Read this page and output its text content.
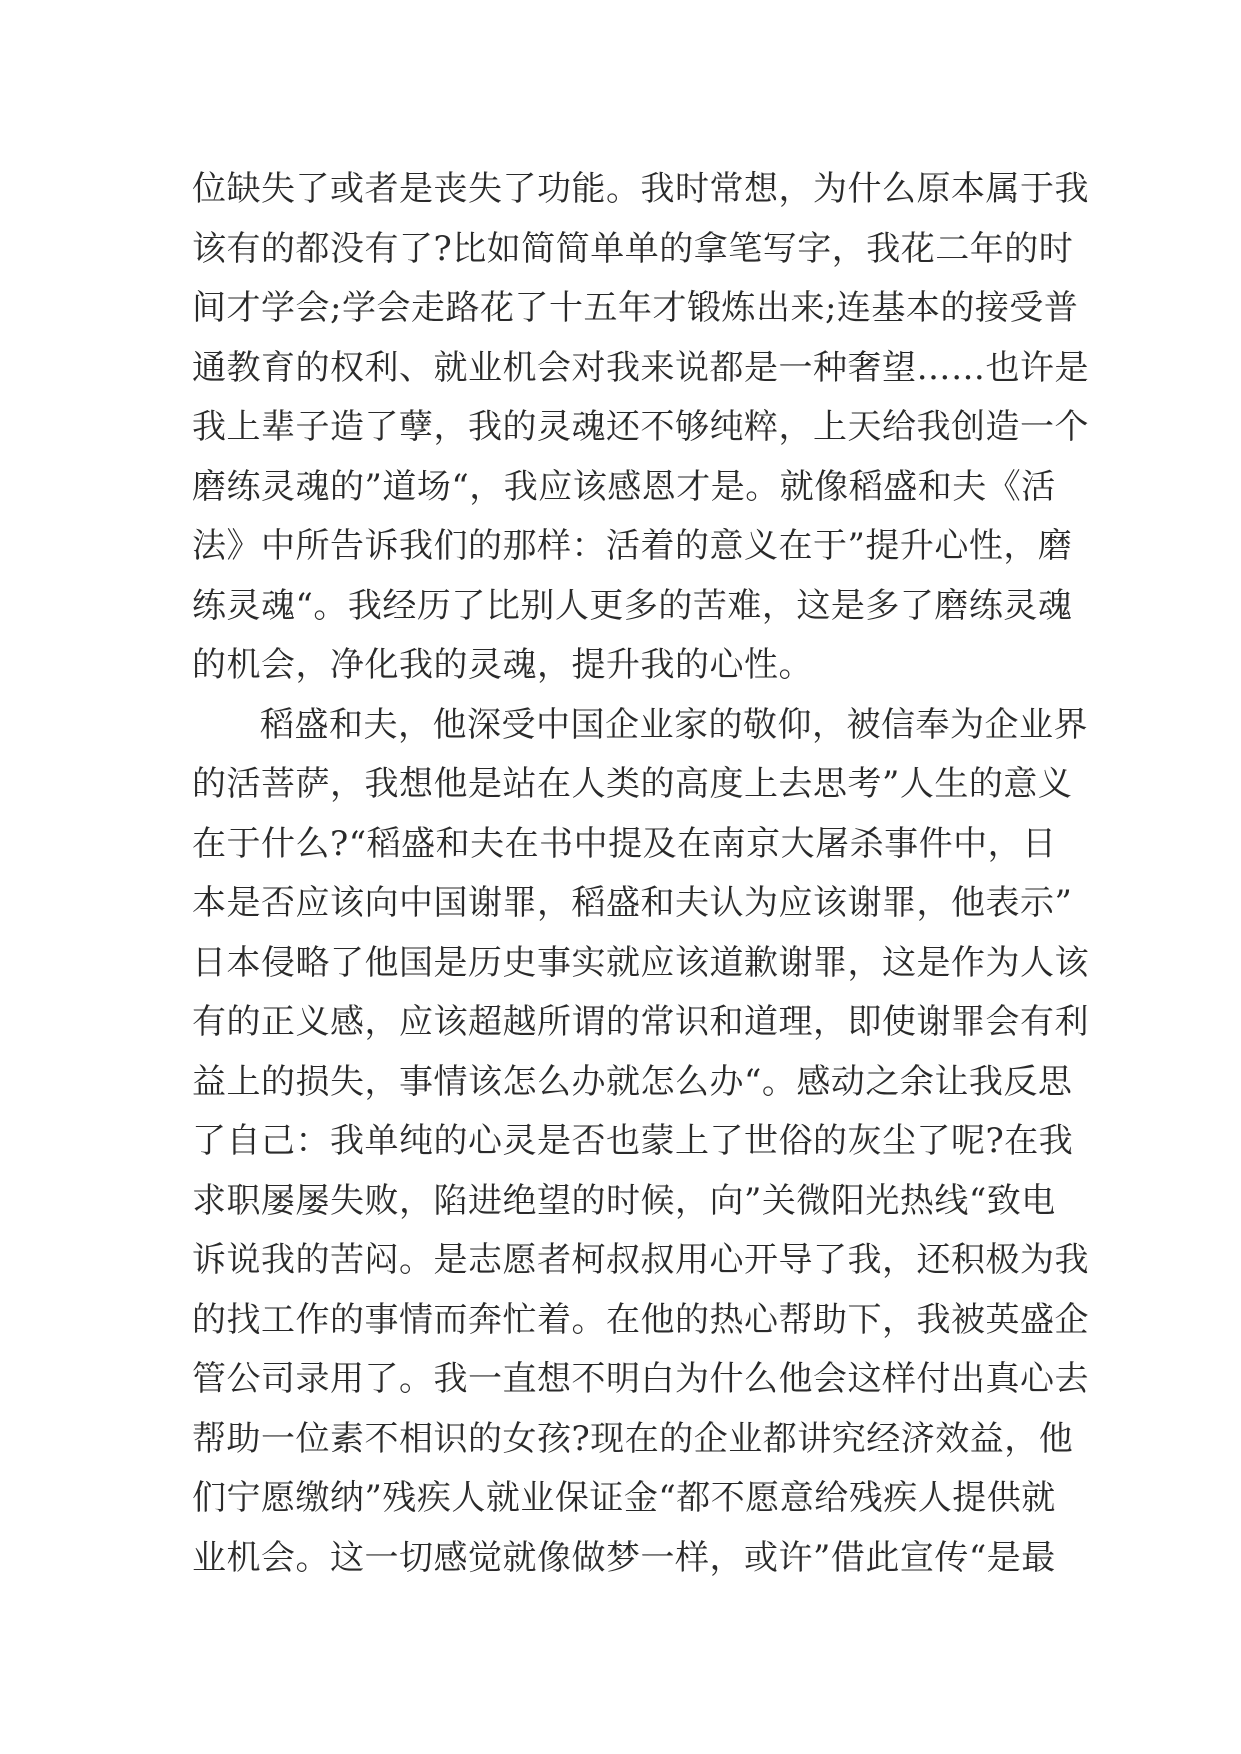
位缺失了或者是丧失了功能。我时常想，为什么原本属于我
该有的都没有了?比如简简单单的拿笔写字，我花二年的时
间才学会;学会走路花了十五年才锻炼出来;连基本的接受普
通教育的权利、就业机会对我来说都是一种奢望……也许是
我上辈子造了孽，我的灵魂还不够纯粹，上天给我创造一个
磨练灵魂的”道场“，我应该感恩才是。就像稻盛和夫《活
法》中所告诉我们的那样：活着的意义在于”提升心性，磨
练灵魂“。我经历了比别人更多的苦难，这是多了磨练灵魂
的机会，净化我的灵魂，提升我的心性。
稻盛和夫，他深受中国企业家的敬仰，被信奉为企业界
的活菩萨，我想他是站在人类的高度上去思考”人生的意义
在于什么?“稻盛和夫在书中提及在南京大屠杀事件中，日
本是否应该向中国谢罪，稻盛和夫认为应该谢罪，他表示”
日本侵略了他国是历史事实就应该道歉谢罪，这是作为人该
有的正义感，应该超越所谓的常识和道理，即使谢罪会有利
益上的损失，事情该怎么办就怎么办“。感动之余让我反思
了自己：我单纯的心灵是否也蒙上了世俗的灰尘了呢?在我
求职屡屡失败，陷进绝望的时候，向”关微阳光热线“致电
诉说我的苦闷。是志愿者柯叔叔用心开导了我，还积极为我
的找工作的事情而奔忙着。在他的热心帮助下，我被英盛企
管公司录用了。我一直想不明白为什么他会这样付出真心去
帮助一位素不相识的女孩?现在的企业都讲究经济效益，他
们宁愿缴纳”残疾人就业保证金“都不愿意给残疾人提供就
业机会。这一切感觉就像做梦一样，或许”借此宣传“是最
